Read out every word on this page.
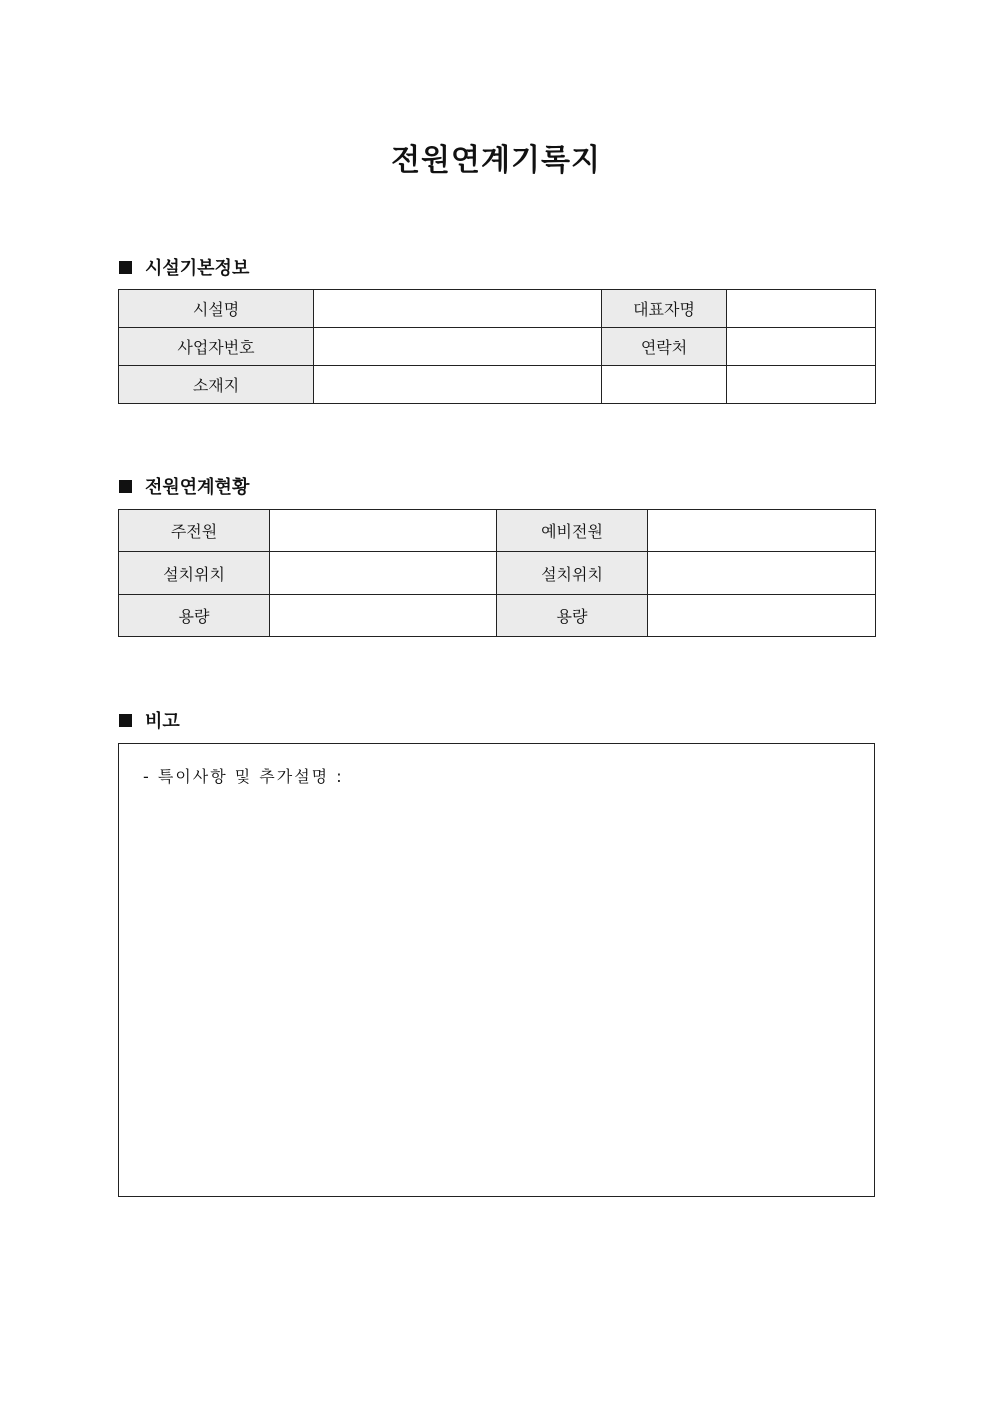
전원연계기록지
시설기본정보
시설명		대표자명	
사업자번호		연락처	
소재지			
전원연계현황
주전원		예비전원	
설치위치		설치위치	
용량		용량	
비고
- 특이사항 및 추가설명 :
